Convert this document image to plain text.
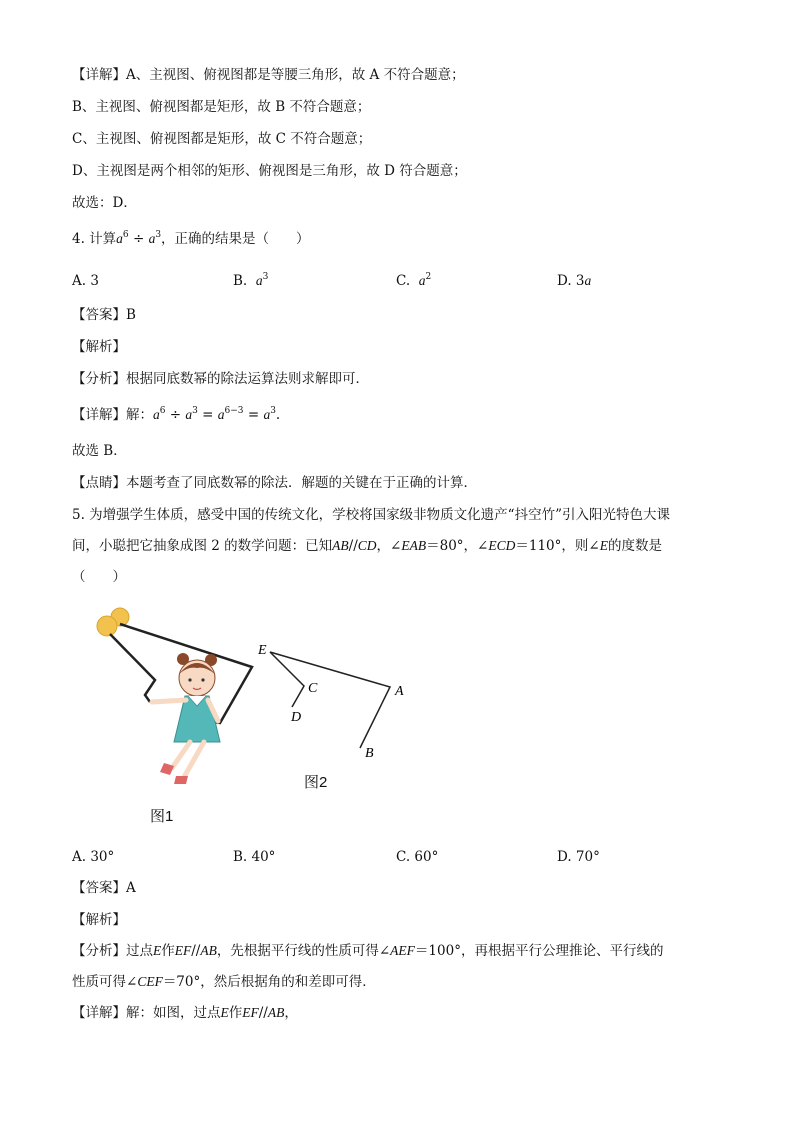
【详解】A、主视图、俯视图都是等腰三角形，故 A 不符合题意；
B、主视图、俯视图都是矩形，故 B 不符合题意；
C、主视图、俯视图都是矩形，故 C 不符合题意；
D、主视图是两个相邻的矩形、俯视图是三角形，故 D 符合题意；
故选：D．
4. 计算$a^6 \div a^3$，正确的结果是（　　）
A. 3	B. $a^3$	C. $a^2$	D. 3a
【答案】B
【解析】
【分析】根据同底数幂的除法运算法则求解即可．
【详解】解：$a^6 \div a^3 = a^{6-3} = a^3$.
故选 B．
【点睛】本题考查了同底数幂的除法．解题的关键在于正确的计算．
5. 为增强学生体质，感受中国的传统文化，学校将国家级非物质文化遗产“抖空竹”引入阳光特色大课
间，小聪把它抽象成图 2 的数学问题：已知AB//CD，∠EAB＝80°，∠ECD＝110°，则∠E的度数是
（　　）
E
C
D
A
B
图2
图1
A. 30°	B. 40°	C. 60°	D. 70°
【答案】A
【解析】
【分析】过点E作EF//AB，先根据平行线的性质可得∠AEF＝100°，再根据平行公理推论、平行线的
性质可得∠CEF＝70°，然后根据角的和差即可得．
【详解】解：如图，过点E作EF//AB，
